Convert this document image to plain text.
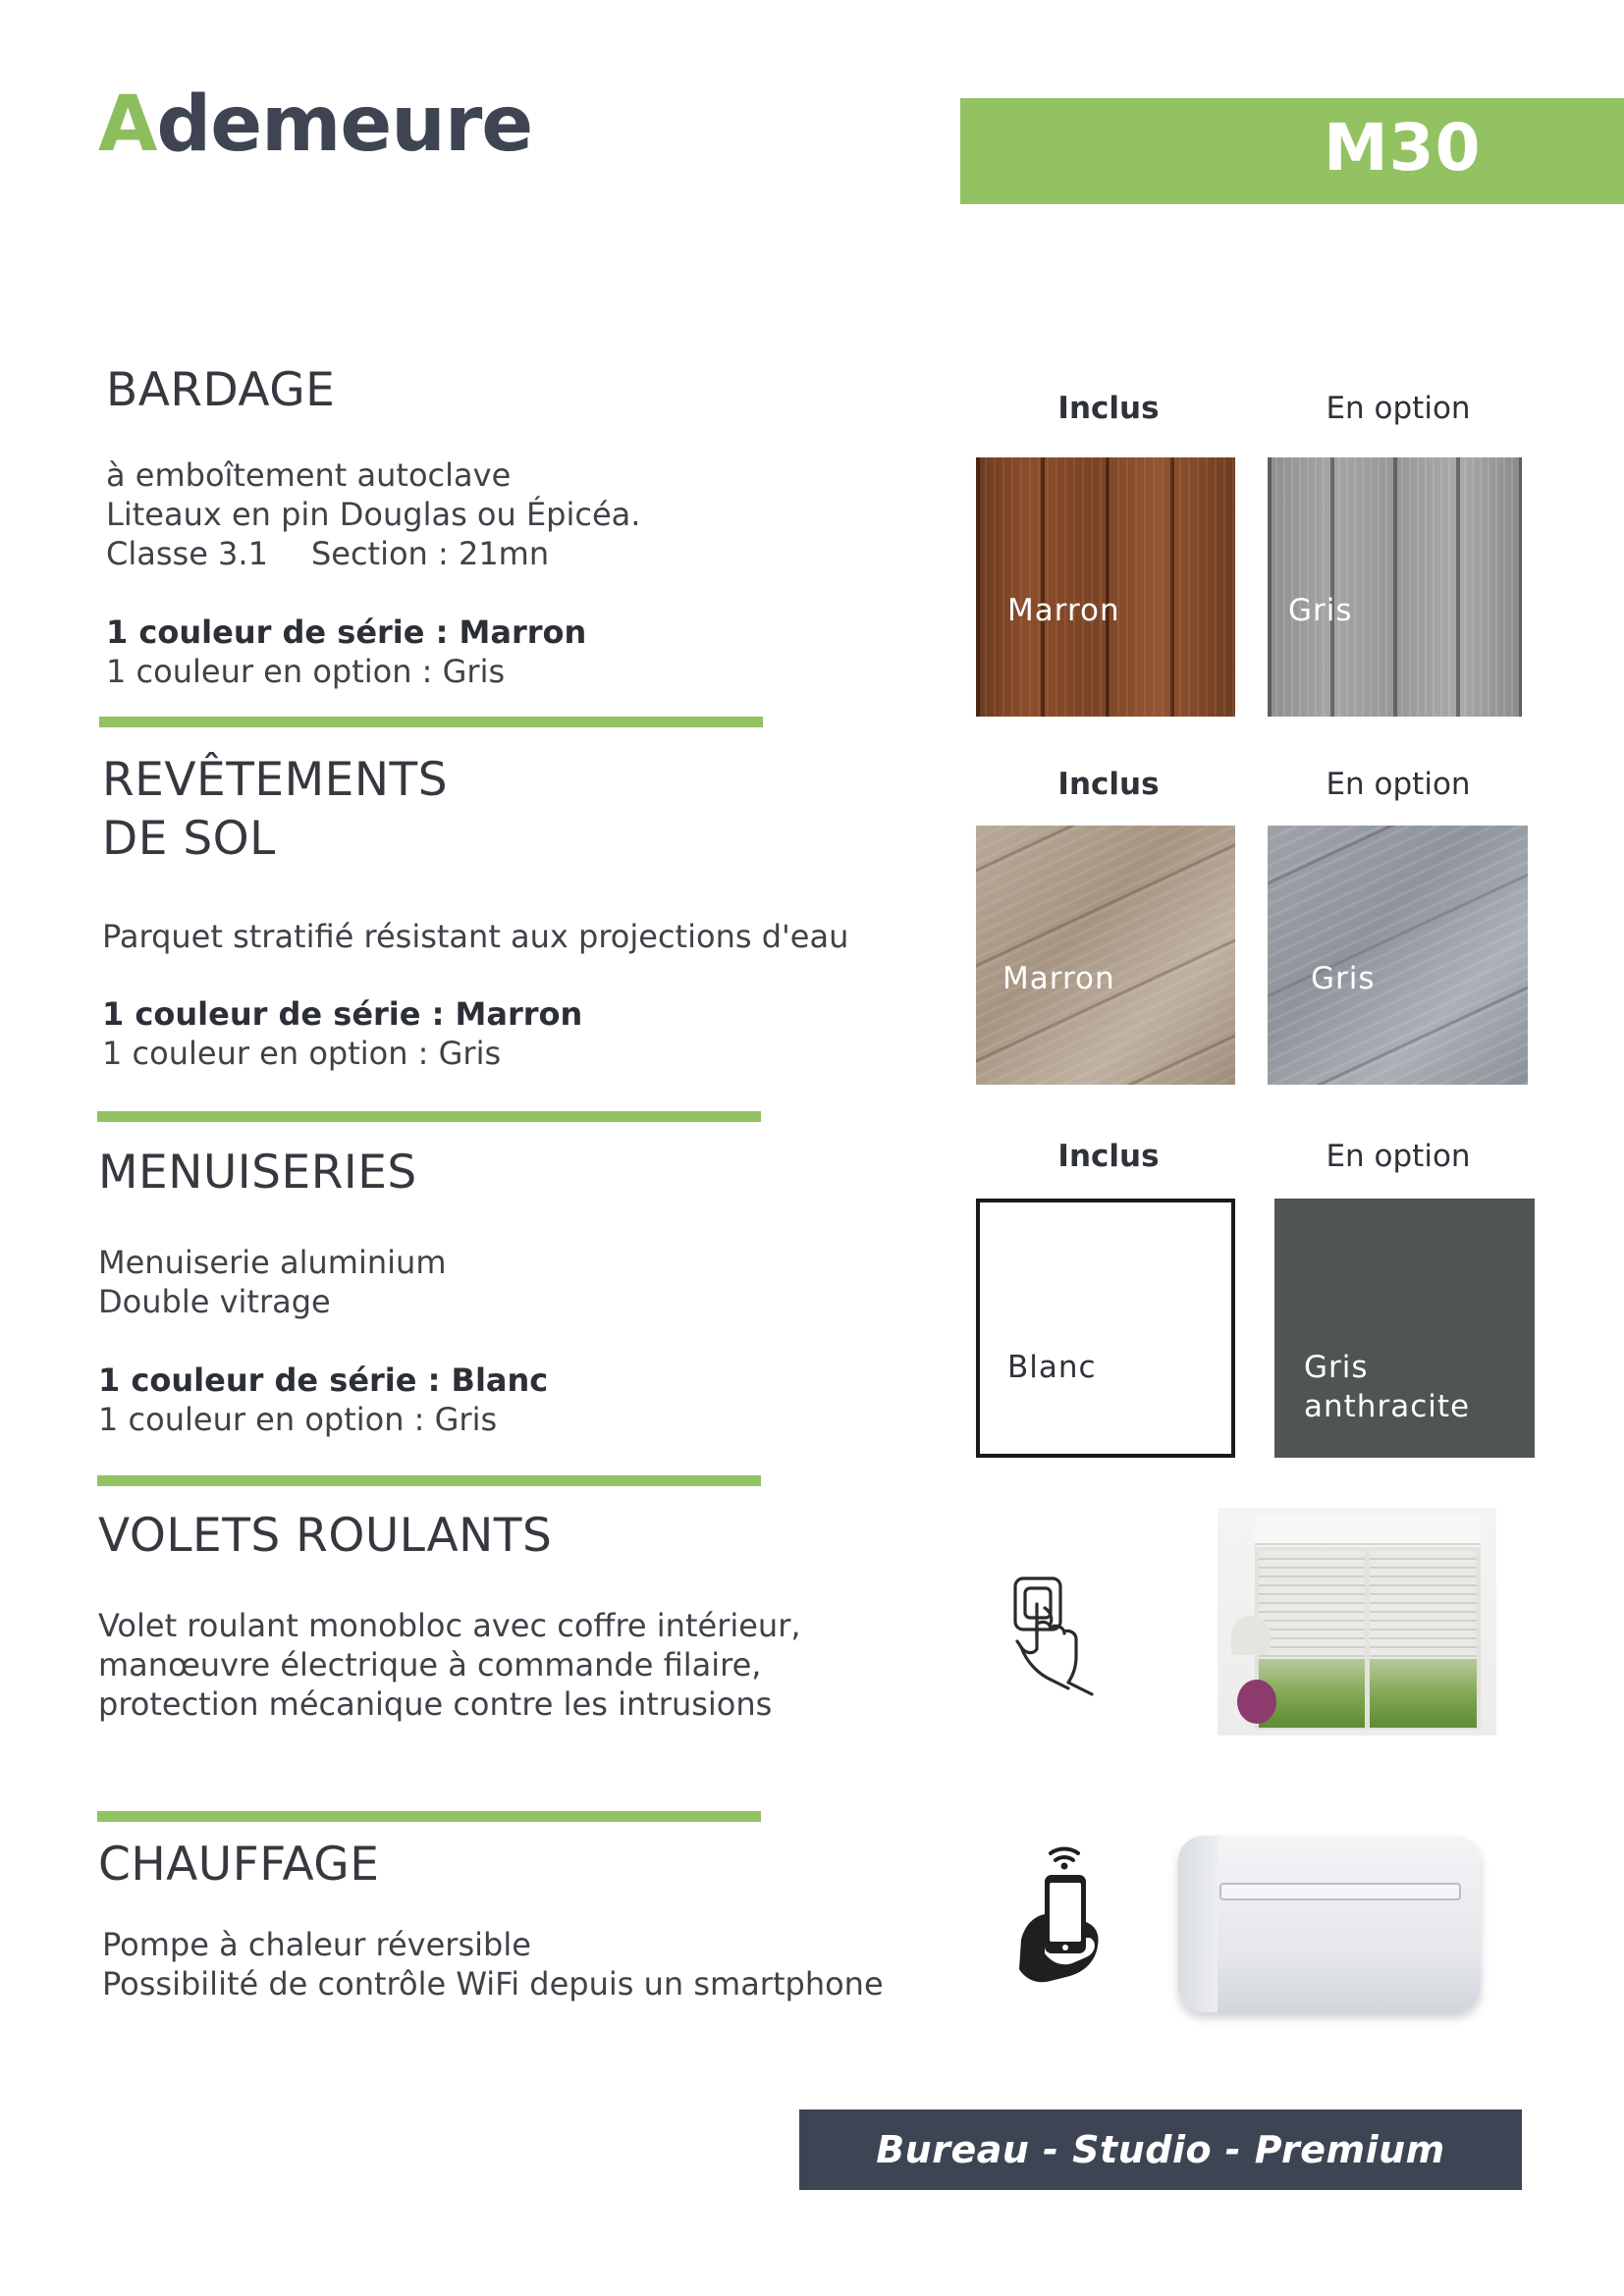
Ademeure	M30
BARDAGE
à emboîtement autoclave
Liteaux en pin Douglas ou Épicéa.
Classe 3.1 Section : 21mn
1 couleur de série : Marron
1 couleur en option : Gris
REVÊTEMENTS
DE SOL
Parquet stratifié résistant aux projections d'eau
1 couleur de série : Marron
1 couleur en option : Gris
MENUISERIES
Menuiserie aluminium
Double vitrage
1 couleur de série : Blanc
1 couleur en option : Gris
VOLETS ROULANTS
Volet roulant monobloc avec coffre intérieur,
manœuvre électrique à commande filaire,
protection mécanique contre les intrusions
CHAUFFAGE
Pompe à chaleur réversible
Possibilité de contrôle WiFi depuis un smartphone
Inclus	En option
Marron	Gris
Inclus	En option
Marron	Gris
Inclus	En option
Blanc	Gris
anthracite
Bureau - Studio - Premium
